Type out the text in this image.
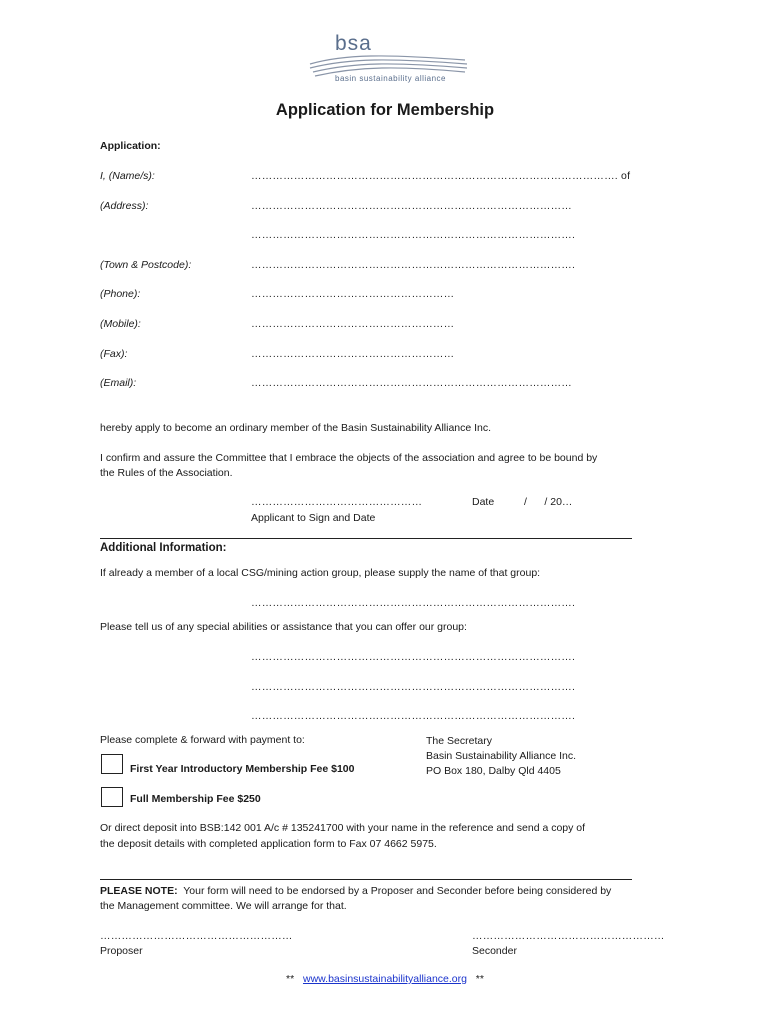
bsa
basin sustainability alliance
Application for Membership
Application:
I, (Name/s):	…………………………………………………………………………………………. of
(Address):	………………………………………………………………………………
……………………………………………………………………………….
(Town & Postcode):	……………………………………………………………………………….
(Phone):	…………………………………………………
(Mobile):	…………………………………………………
(Fax):	…………………………………………………
(Email):	………………………………………………………………………………
hereby apply to become an ordinary member of the Basin Sustainability Alliance Inc.
I confirm and assure the Committee that I embrace the objects of the association and agree to be bound by
the Rules of the Association.
…………………………………………	Date	/      / 20…
Applicant to Sign and Date
Additional Information:
If already a member of a local CSG/mining action group, please supply the name of that group:
……………………………………………………………………………….
Please tell us of any special abilities or assistance that you can offer our group:
……………………………………………………………………………….
……………………………………………………………………………….
……………………………………………………………………………….
Please complete & forward with payment to:
First Year Introductory Membership Fee $100
Full Membership Fee $250
The Secretary
Basin Sustainability Alliance Inc.
PO Box 180, Dalby Qld 4405
Or direct deposit into BSB:142 001 A/c # 135241700 with your name in the reference and send a copy of
the deposit details with completed application form to Fax 07 4662 5975.
PLEASE NOTE:  Your form will need to be endorsed by a Proposer and Seconder before being considered by
the Management committee. We will arrange for that.
………………………………………………
Proposer
………………………………………………
Seconder
** www.basinsustainabilityalliance.org **
